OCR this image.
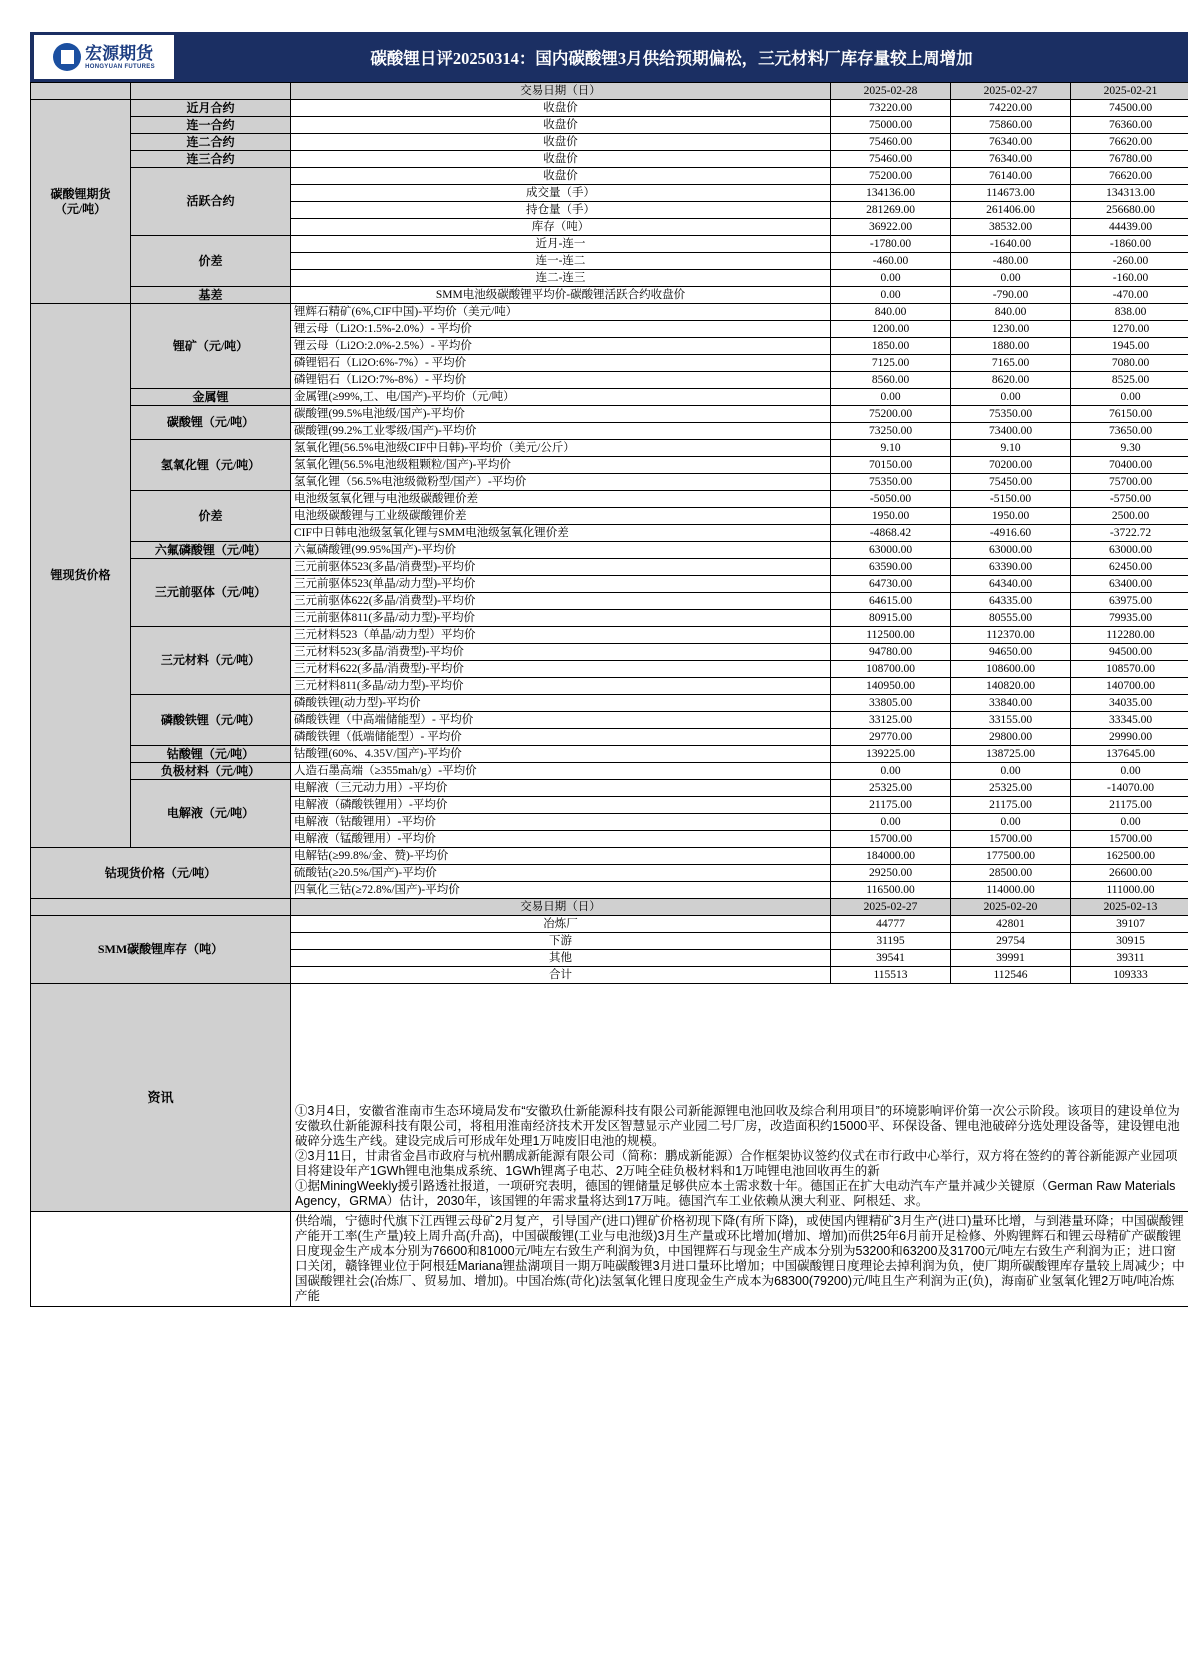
宏源期货
HONGYUAN FUTURES	碳酸锂日评20250314：国内碳酸锂3月供给预期偏松，三元材料厂库存量较上周增加
		交易日期（日）	2025-02-28	2025-02-27	2025-02-21

碳酸锂期货
（元/吨）	近月合约	收盘价	73220.00	74220.00	74500.00
	连一合约	收盘价	75000.00	75860.00	76360.00
	连二合约	收盘价	75460.00	76340.00	76620.00
	连三合约	收盘价	75460.00	76340.00	76780.00
	活跃合约	收盘价	75200.00	76140.00	76620.00
		成交量（手）	134136.00	114673.00	134313.00
		持仓量（手）	281269.00	261406.00	256680.00
		库存（吨）	36922.00	38532.00	44439.00
	价差	近月-连一	-1780.00	-1640.00	-1860.00
		连一-连二	-460.00	-480.00	-260.00
		连二-连三	0.00	0.00	-160.00
	基差	SMM电池级碳酸锂平均价-碳酸锂活跃合约收盘价	0.00	-790.00	-470.00
锂现货价格	锂矿（元/吨）	锂辉石精矿(6%,CIF中国)-平均价（美元/吨）	840.00	840.00	838.00
		锂云母（Li2O:1.5%-2.0%）- 平均价	1200.00	1230.00	1270.00
		锂云母（Li2O:2.0%-2.5%）- 平均价	1850.00	1880.00	1945.00
		磷锂铝石（Li2O:6%-7%）- 平均价	7125.00	7165.00	7080.00
		磷锂铝石（Li2O:7%-8%）- 平均价	8560.00	8620.00	8525.00
	金属锂	金属锂(≥99%,工、电/国产)-平均价（元/吨）	0.00	0.00	0.00
	碳酸锂（元/吨）	碳酸锂(99.5%电池级/国产)-平均价	75200.00	75350.00	76150.00
		碳酸锂(99.2%工业零级/国产)-平均价	73250.00	73400.00	73650.00
	氢氧化锂（元/吨）	氢氧化锂(56.5%电池级CIF中日韩)-平均价（美元/公斤）	9.10	9.10	9.30
		氢氧化锂(56.5%电池级粗颗粒/国产)-平均价	70150.00	70200.00	70400.00
		氢氧化锂（56.5%电池级微粉型/国产）-平均价	75350.00	75450.00	75700.00
	价差	电池级氢氧化锂与电池级碳酸锂价差	-5050.00	-5150.00	-5750.00
		电池级碳酸锂与工业级碳酸锂价差	1950.00	1950.00	2500.00
		CIF中日韩电池级氢氧化锂与SMM电池级氢氧化锂价差	-4868.42	-4916.60	-3722.72
	六氟磷酸锂（元/吨）	六氟磷酸锂(99.95%国产)-平均价	63000.00	63000.00	63000.00
	三元前驱体（元/吨）	三元前驱体523(多晶/消费型)-平均价	63590.00	63390.00	62450.00
		三元前驱体523(单晶/动力型)-平均价	64730.00	64340.00	63400.00
		三元前驱体622(多晶/消费型)-平均价	64615.00	64335.00	63975.00
		三元前驱体811(多晶/动力型)-平均价	80915.00	80555.00	79935.00
	三元材料（元/吨）	三元材料523（单晶/动力型）平均价	112500.00	112370.00	112280.00
		三元材料523(多晶/消费型)-平均价	94780.00	94650.00	94500.00
		三元材料622(多晶/消费型)-平均价	108700.00	108600.00	108570.00
		三元材料811(多晶/动力型)-平均价	140950.00	140820.00	140700.00
	磷酸铁锂（元/吨）	磷酸铁锂(动力型)-平均价	33805.00	33840.00	34035.00
		磷酸铁锂（中高端储能型）- 平均价	33125.00	33155.00	33345.00
		磷酸铁锂（低端储能型）- 平均价	29770.00	29800.00	29990.00
	钴酸锂（元/吨）	钴酸锂(60%、4.35V/国产)-平均价	139225.00	138725.00	137645.00
	负极材料（元/吨）	人造石墨高端（≥355mah/g）-平均价	0.00	0.00	0.00
	电解液（元/吨）	电解液（三元动力用）-平均价	25325.00	25325.00	-14070.00
		电解液（磷酸铁锂用）-平均价	21175.00	21175.00	21175.00
		电解液（钴酸锂用）-平均价	0.00	0.00	0.00
		电解液（锰酸锂用）-平均价	15700.00	15700.00	15700.00
钴现货价格（元/吨）		电解钴(≥99.8%/金、赞)-平均价	184000.00	177500.00	162500.00
		硫酸钴(≥20.5%/国产)-平均价	29250.00	28500.00	26600.00
		四氧化三钴(≥72.8%/国产)-平均价	116500.00	114000.00	111000.00
		交易日期（日）	2025-02-27	2025-02-20	2025-02-13
SMM碳酸锂库存（吨）		冶炼厂	44777	42801	39107
		下游	31195	29754	30915
		其他	39541	39991	39311
		合计	115513	112546	109333
资讯		①3月4日，安徽省淮南市生态环境局发布“安徽玖仕新能源科技有限公司新能源锂电池回收及综合利用项目”的环境影响评价第一次公示阶段。该项目的建设单位为安徽玖仕新能源科技有限公司，将租用淮南经济技术开发区智慧显示产业园二号厂房，改造面积约15000平、环保设备、锂电池破碎分选处理设备等，建设锂电池破碎分选生产线。建设完成后可形成年处理1万吨废旧电池的规模。

②3月11日，甘肃省金昌市政府与杭州鹏成新能源有限公司（简称：鹏成新能源）合作框架协议签约仪式在市行政中心举行，双方将在签约的菁谷新能源产业园项目将建设年产1GWh锂电池集成系统、1GWh锂离子电芯、2万吨全硅负极材料和1万吨锂电池回收再生的新

①据MiningWeekly援引路透社报道，一项研究表明，德国的锂储量足够供应本土需求数十年。德国正在扩大电动汽车产量并减少关键原（German Raw Materials Agency，GRMA）估计，2030年，该国锂的年需求量将达到17万吨。德国汽车工业依赖从澳大利亚、阿根廷、求。			

		供给端，宁德时代旗下江西锂云母矿2月复产，引导国产(进口)锂矿价格初现下降(有所下降)，或使国内锂精矿3月生产(进口)量环比增，与到港量环降；中国碳酸锂产能开工率(生产量)较上周升高(升高)，中国碳酸锂(工业与电池级)3月生产量或环比增加(增加、增加)而供25年6月前开足检修、外购锂辉石和锂云母精矿产碳酸锂日度现金生产成本分别为76600和81000元/吨左右致生产利润为负，中国锂辉石与现金生产成本分别为53200和63200及31700元/吨左右致生产利润为正；进口窗口关闭，赣锋锂业位于阿根廷Mariana锂盐湖项目一期万吨碳酸锂3月进口量环比增加；中国碳酸锂日度理论去掉利润为负，使厂期所碳酸锂库存量较上周减少；中国碳酸锂社会(冶炼厂、贸易加、增加)。中国冶炼(苛化)法氢氧化锂日度现金生产成本为68300(79200)元/吨且生产利润为正(负)，海南矿业氢氧化锂2万吨/吨冶炼产能			
